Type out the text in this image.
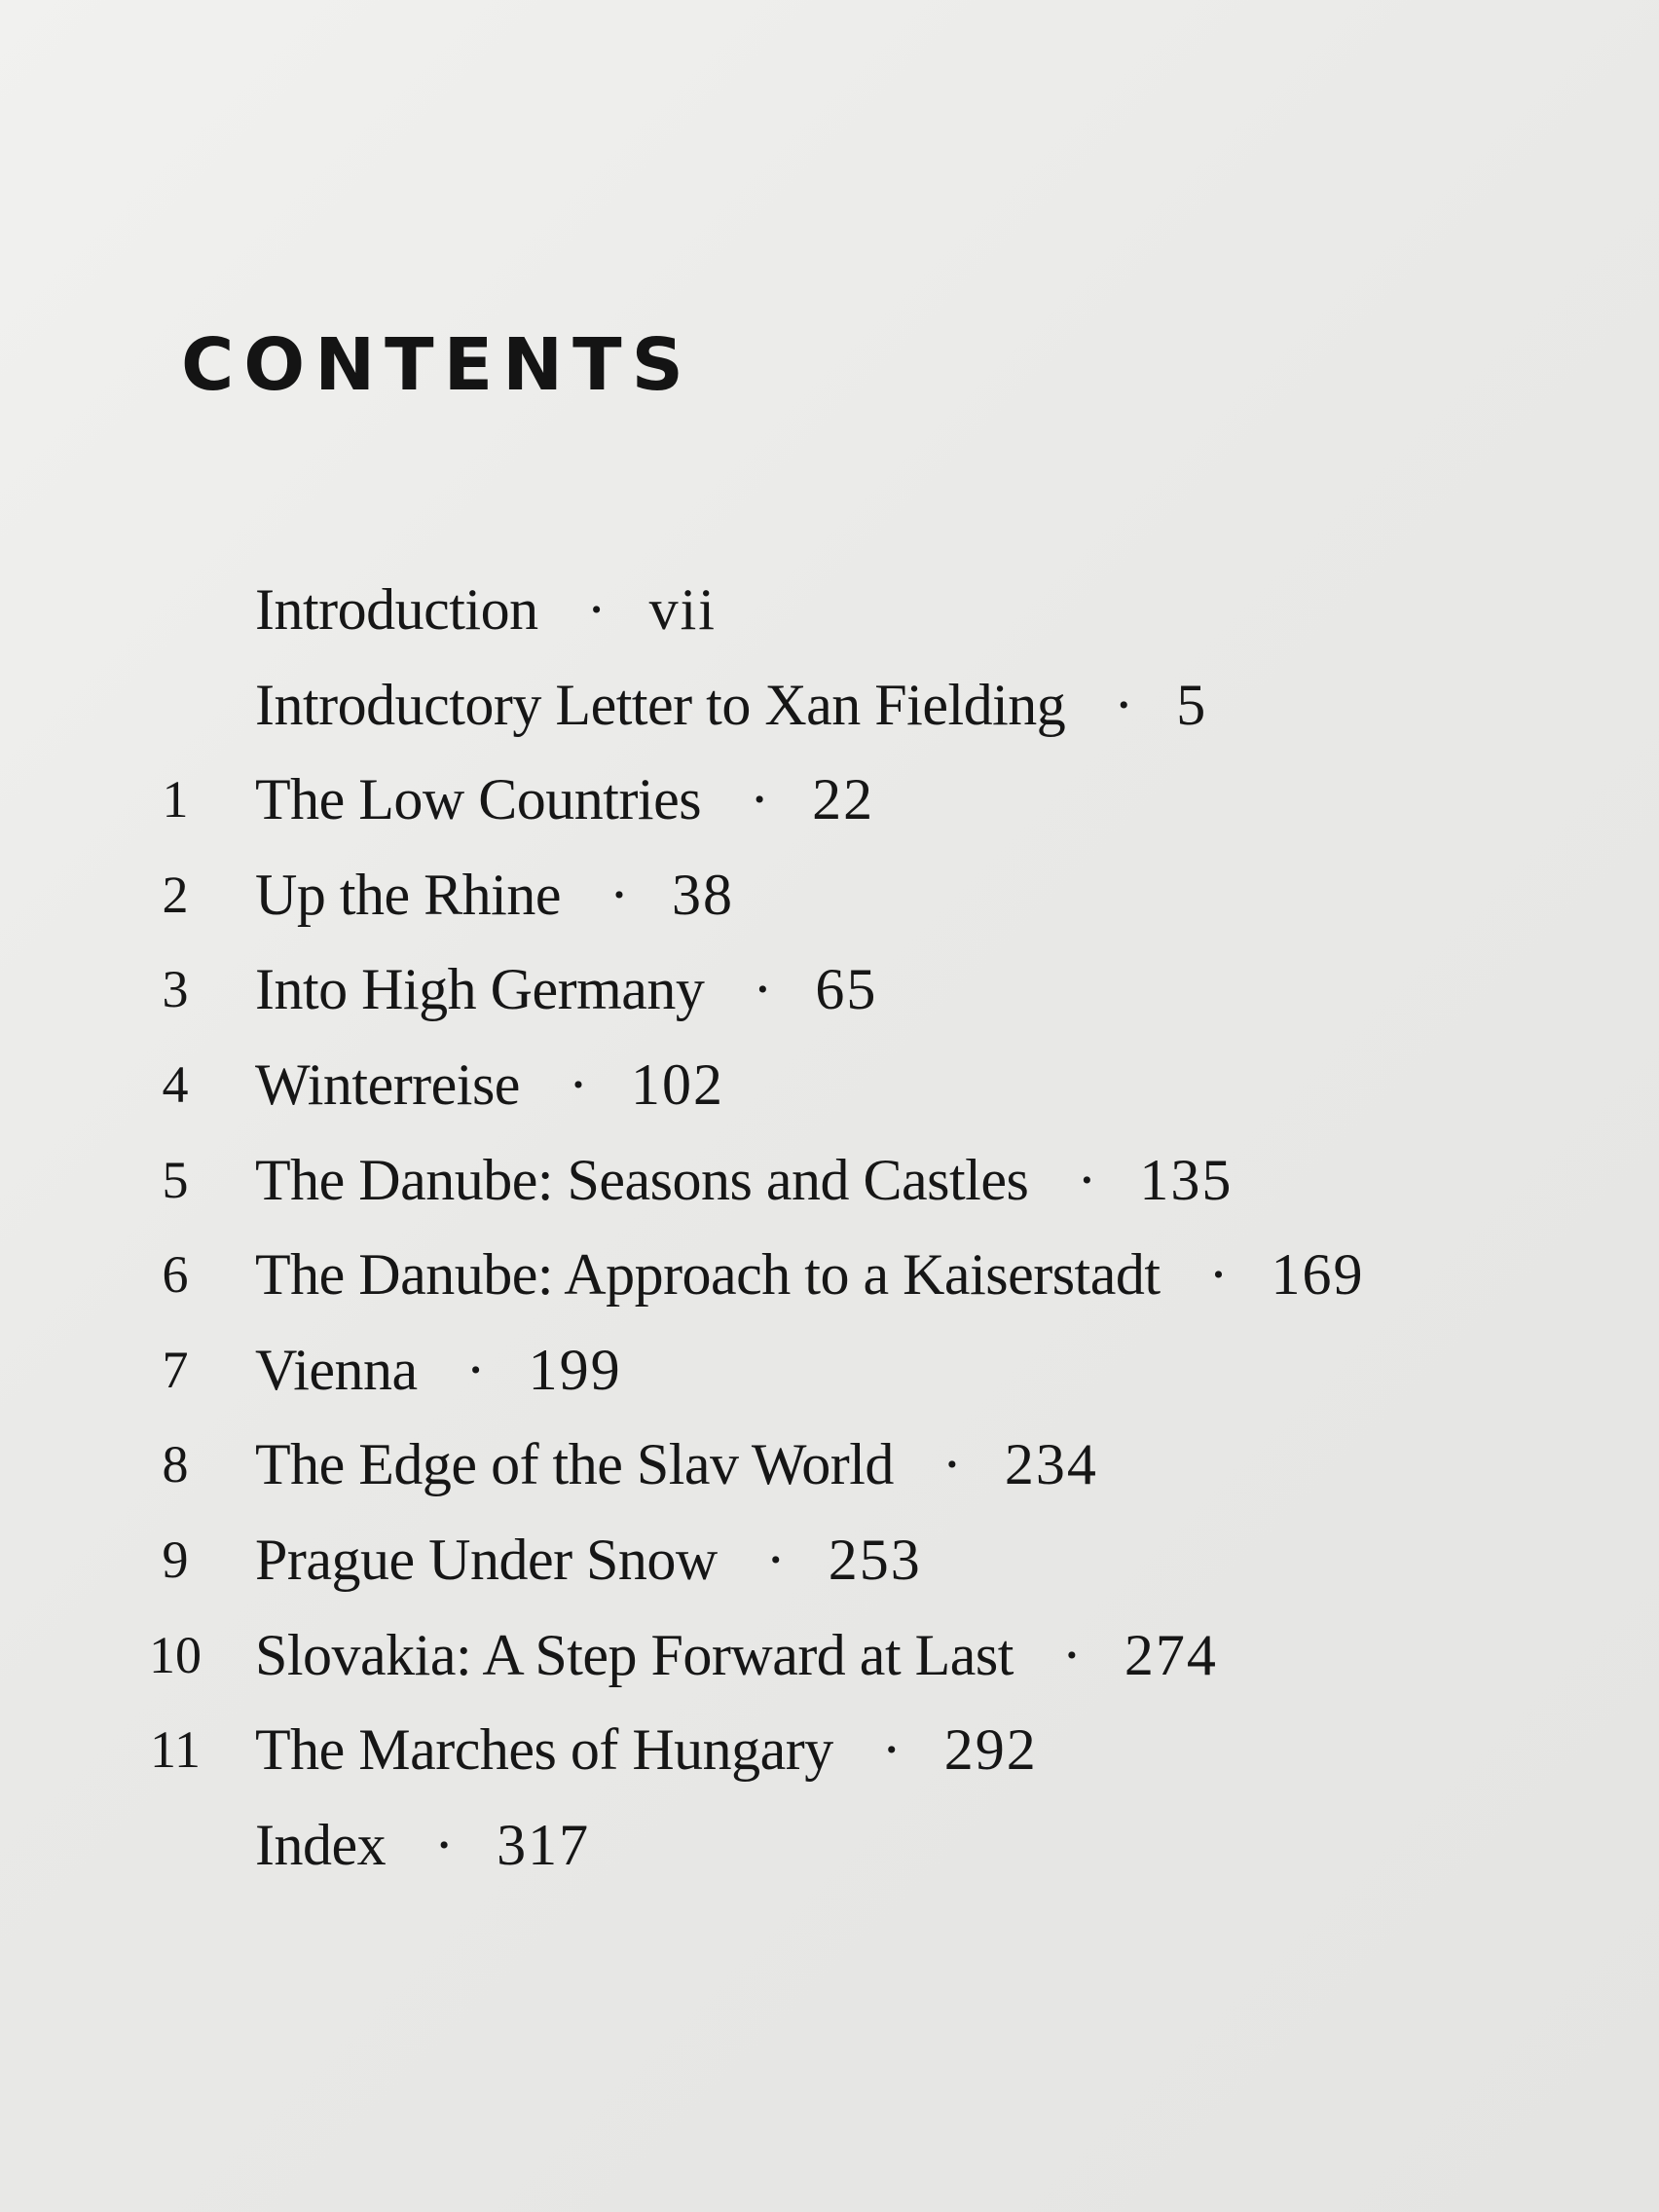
CONTENTS
Introduction · vii
Introductory Letter to Xan Fielding · 5
1	The Low Countries · 22
2	Up the Rhine · 38
3	Into High Germany · 65
4	Winterreise · 102
5	The Danube: Seasons and Castles · 135
6	The Danube: Approach to a Kaiserstadt · 169
7	Vienna · 199
8	The Edge of the Slav World · 234
9	Prague Under Snow · 253
10 Slovakia: A Step Forward at Last · 274
11 The Marches of Hungary · 292
Index · 317
